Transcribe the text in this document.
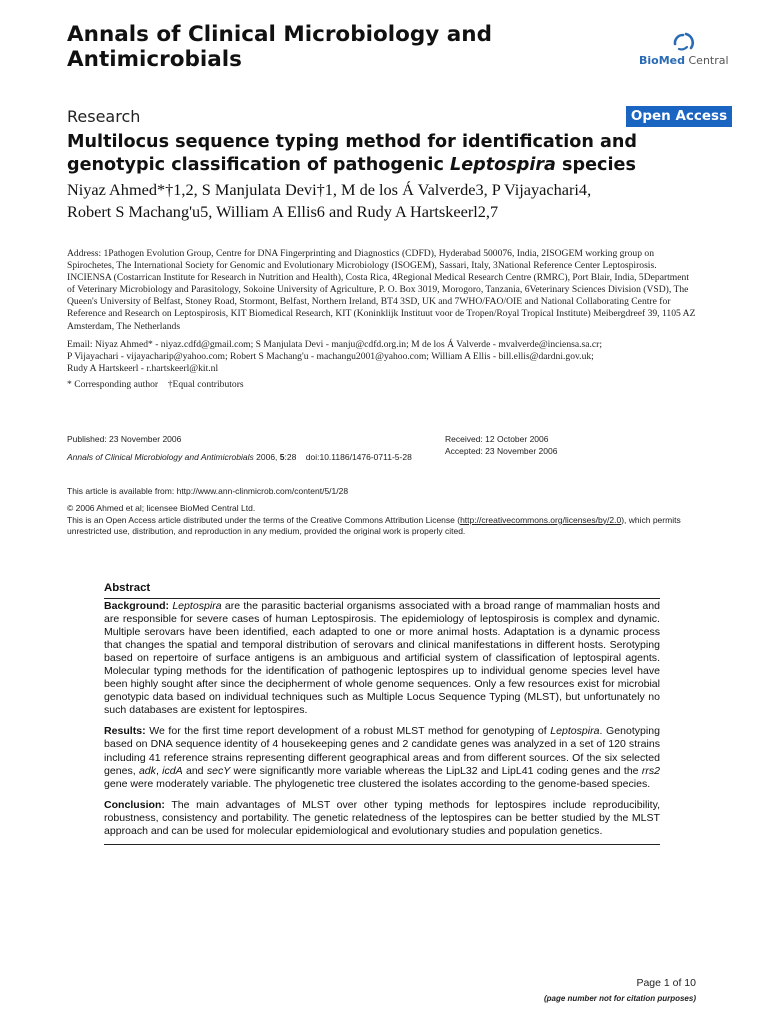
Annals of Clinical Microbiology and
Antimicrobials	BioMed Central
Research	Open Access
Multilocus sequence typing method for identification and genotypic classification of pathogenic Leptospira species
Niyaz Ahmed*†1,2, S Manjulata Devi†1, M de los Á Valverde3, P Vijayachari4,
Robert S Machang'u5, William A Ellis6 and Rudy A Hartskeerl2,7
Address: 1Pathogen Evolution Group, Centre for DNA Fingerprinting and Diagnostics (CDFD), Hyderabad 500076, India, 2ISOGEM working group on Spirochetes, The International Society for Genomic and Evolutionary Microbiology (ISOGEM), Sassari, Italy, 3National Reference Center Leptospirosis. INCIENSA (Costarrican Institute for Research in Nutrition and Health), Costa Rica, 4Regional Medical Research Centre (RMRC), Port Blair, India, 5Department of Veterinary Microbiology and Parasitology, Sokoine University of Agriculture, P. O. Box 3019, Morogoro, Tanzania, 6Veterinary Sciences Division (VSD), The Queen's University of Belfast, Stoney Road, Stormont, Belfast, Northern Ireland, BT4 3SD, UK and 7WHO/FAO/OIE and National Collaborating Centre for Reference and Research on Leptospirosis, KIT Biomedical Research, KIT (Koninklijk Instituut voor de Tropen/Royal Tropical Institute) Meibergdreef 39, 1105 AZ Amsterdam, The Netherlands
Email: Niyaz Ahmed* - niyaz.cdfd@gmail.com; S Manjulata Devi - manju@cdfd.org.in; M de los Á Valverde - mvalverde@inciensa.sa.cr;
P Vijayachari - vijayacharip@yahoo.com; Robert S Machang'u - machangu2001@yahoo.com; William A Ellis - bill.ellis@dardni.gov.uk;
Rudy A Hartskeerl - r.hartskeerl@kit.nl
* Corresponding author    †Equal contributors
Published: 23 November 2006
Annals of Clinical Microbiology and Antimicrobials 2006, 5:28    doi:10.1186/1476-0711-5-28
Received: 12 October 2006
Accepted: 23 November 2006
This article is available from: http://www.ann-clinmicrob.com/content/5/1/28
© 2006 Ahmed et al; licensee BioMed Central Ltd.
This is an Open Access article distributed under the terms of the Creative Commons Attribution License (http://creativecommons.org/licenses/by/2.0), which permits unrestricted use, distribution, and reproduction in any medium, provided the original work is properly cited.
Abstract

Background: Leptospira are the parasitic bacterial organisms associated with a broad range of mammalian hosts and are responsible for severe cases of human Leptospirosis. The epidemiology of leptospirosis is complex and dynamic. Multiple serovars have been identified, each adapted to one or more animal hosts. Adaptation is a dynamic process that changes the spatial and temporal distribution of serovars and clinical manifestations in different hosts. Serotyping based on repertoire of surface antigens is an ambiguous and artificial system of classification of leptospiral agents. Molecular typing methods for the identification of pathogenic leptospires up to individual genome species level have been highly sought after since the decipherment of whole genome sequences. Only a few resources exist for microbial genotypic data based on individual techniques such as Multiple Locus Sequence Typing (MLST), but unfortunately no such databases are existent for leptospires.

Results: We for the first time report development of a robust MLST method for genotyping of Leptospira. Genotyping based on DNA sequence identity of 4 housekeeping genes and 2 candidate genes was analyzed in a set of 120 strains including 41 reference strains representing different geographical areas and from different sources. Of the six selected genes, adk, icdA and secY were significantly more variable whereas the LipL32 and LipL41 coding genes and the rrs2 gene were moderately variable. The phylogenetic tree clustered the isolates according to the genome-based species.

Conclusion: The main advantages of MLST over other typing methods for leptospires include reproducibility, robustness, consistency and portability. The genetic relatedness of the leptospires can be better studied by the MLST approach and can be used for molecular epidemiological and evolutionary studies and population genetics.

Page 1 of 10
(page number not for citation purposes)
